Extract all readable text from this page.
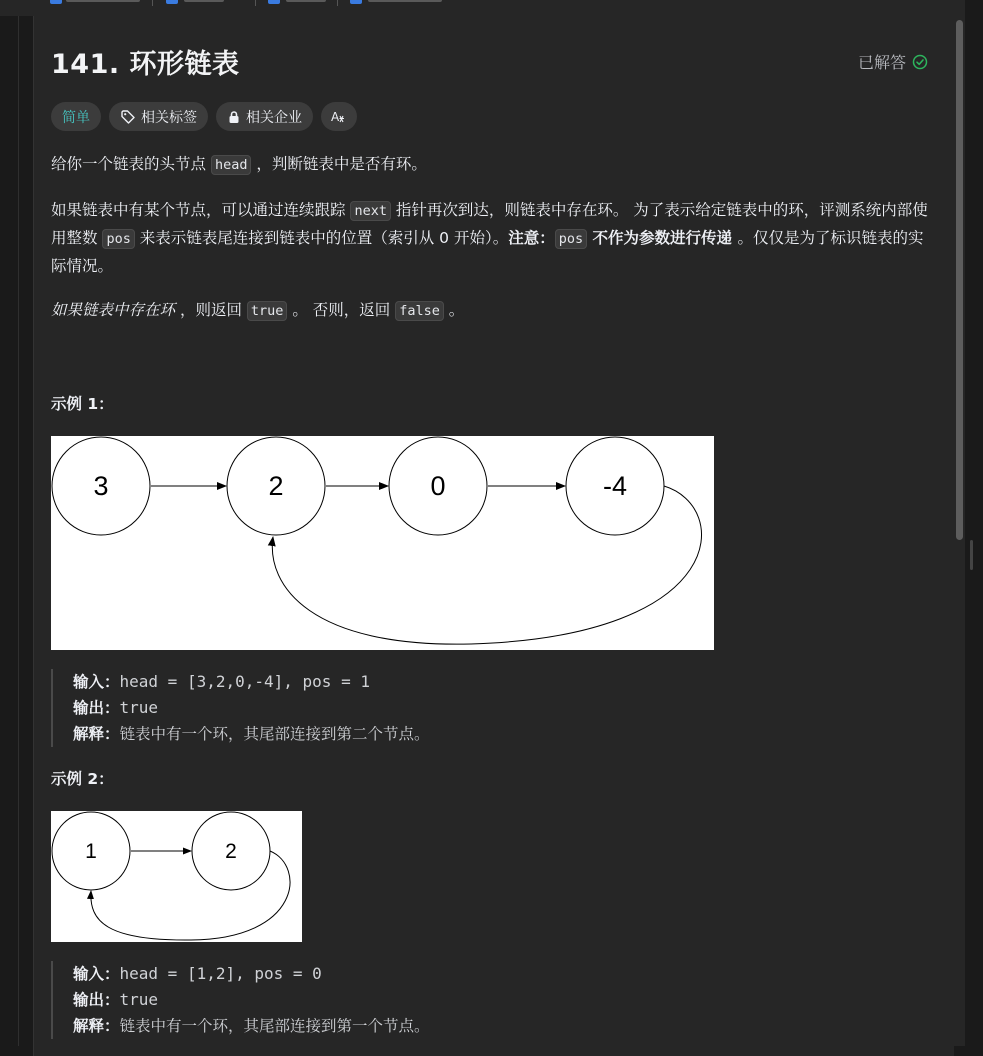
141. 环形链表	已解答
简单	相关标签	相关企业 A

给你一个链表的头节点 head ，判断链表中是否有环。

如果链表中有某个节点，可以通过连续跟踪 next 指针再次到达，则链表中存在环。 为了表示给定链表中的环，评测系统内部使用整数 pos 来表示链表尾连接到链表中的位置（索引从 0 开始）。注意： pos 不作为参数进行传递 。仅仅是为了标识链表的实际情况。

如果链表中存在环 ，则返回 true 。 否则，返回 false 。

示例 1：
3	2	0	-4
输入：head = [3,2,0,-4], pos = 1
输出：true
解释：链表中有一个环，其尾部连接到第二个节点。
示例 2：
1	2
输入：head = [1,2], pos = 0
输出：true
解释：链表中有一个环，其尾部连接到第一个节点。
